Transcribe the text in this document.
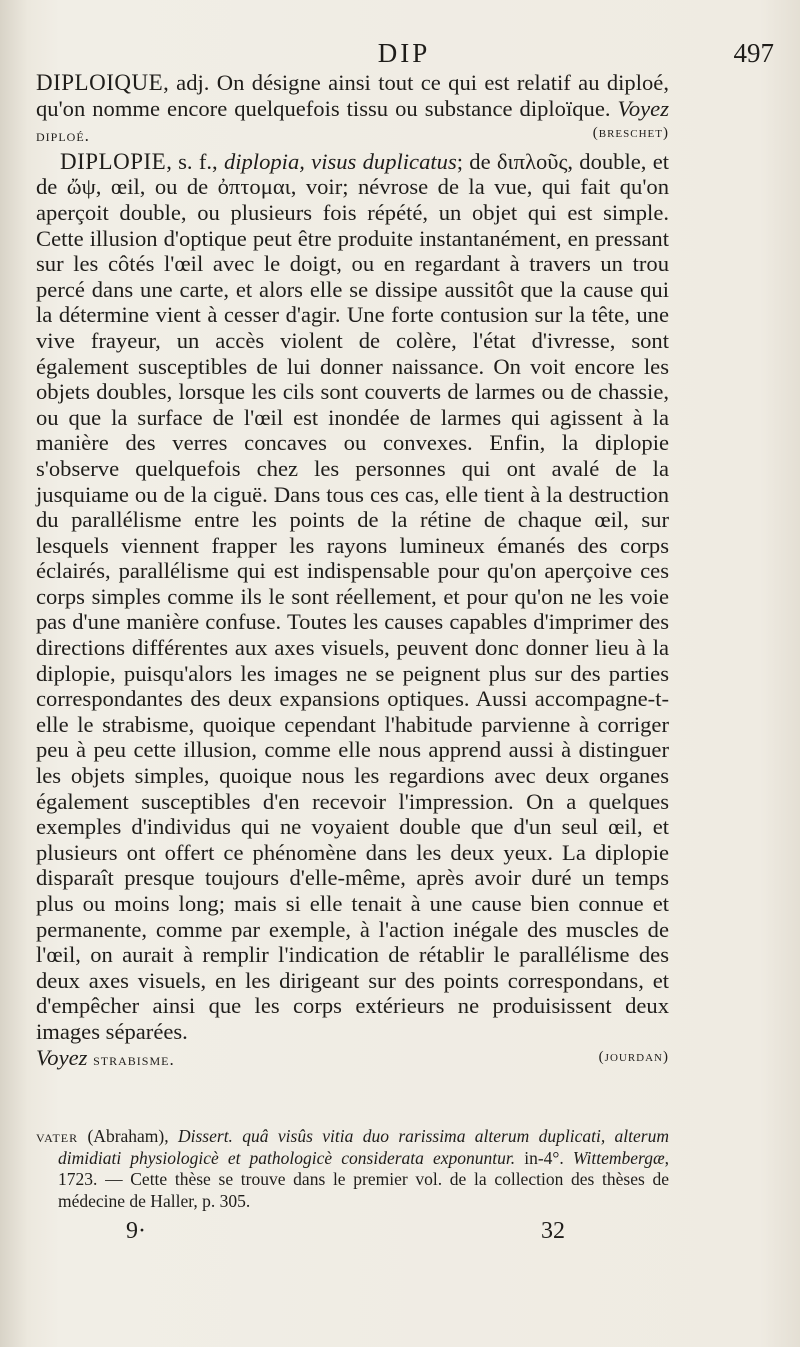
DIP	497

DIPLOIQUE, adj. On désigne ainsi tout ce qui est relatif au diploé, qu'on nomme encore quelquefois tissu ou substance diploïque. Voyez diploé.	(breschet)

DIPLOPIE, s. f., diplopia, visus duplicatus; de διπλοῦς, double, et de ὤψ, œil, ou de ὀπτομαι, voir; névrose de la vue, qui fait qu'on aperçoit double, ou plusieurs fois répété, un objet qui est simple. Cette illusion d'optique peut être produite instantanément, en pressant sur les côtés l'œil avec le doigt, ou en regardant à travers un trou percé dans une carte, et alors elle se dissipe aussitôt que la cause qui la détermine vient à cesser d'agir. Une forte contusion sur la tête, une vive frayeur, un accès violent de colère, l'état d'ivresse, sont également susceptibles de lui donner naissance. On voit encore les objets doubles, lorsque les cils sont couverts de larmes ou de chassie, ou que la surface de l'œil est inondée de larmes qui agissent à la manière des verres concaves ou convexes. Enfin, la diplopie s'observe quelquefois chez les personnes qui ont avalé de la jusquiame ou de la ciguë. Dans tous ces cas, elle tient à la destruction du parallélisme entre les points de la rétine de chaque œil, sur lesquels viennent frapper les rayons lumineux émanés des corps éclairés, parallélisme qui est indispensable pour qu'on aperçoive ces corps simples comme ils le sont réellement, et pour qu'on ne les voie pas d'une manière confuse. Toutes les causes capables d'imprimer des directions différentes aux axes visuels, peuvent donc donner lieu à la diplopie, puisqu'alors les images ne se peignent plus sur des parties correspondantes des deux expansions optiques. Aussi accompagne-t-elle le strabisme, quoique cependant l'habitude parvienne à corriger peu à peu cette illusion, comme elle nous apprend aussi à distinguer les objets simples, quoique nous les regardions avec deux organes également susceptibles d'en recevoir l'impression. On a quelques exemples d'individus qui ne voyaient double que d'un seul œil, et plusieurs ont offert ce phénomène dans les deux yeux. La diplopie disparaît presque toujours d'elle-même, après avoir duré un temps plus ou moins long; mais si elle tenait à une cause bien connue et permanente, comme par exemple, à l'action inégale des muscles de l'œil, on aurait à remplir l'indication de rétablir le parallélisme des deux axes visuels, en les dirigeant sur des points correspondans, et d'empêcher ainsi que les corps extérieurs ne produisissent deux images séparées.

Voyez strabisme.	(jourdan)

vater (Abraham), Dissert. quâ visûs vitia duo rarissima alterum duplicati, alterum dimidiati physiologicè et pathologicè considerata exponuntur. in-4°. Wittembergæ, 1723. — Cette thèse se trouve dans le premier vol. de la collection des thèses de médecine de Haller, p. 305.

9·	32
